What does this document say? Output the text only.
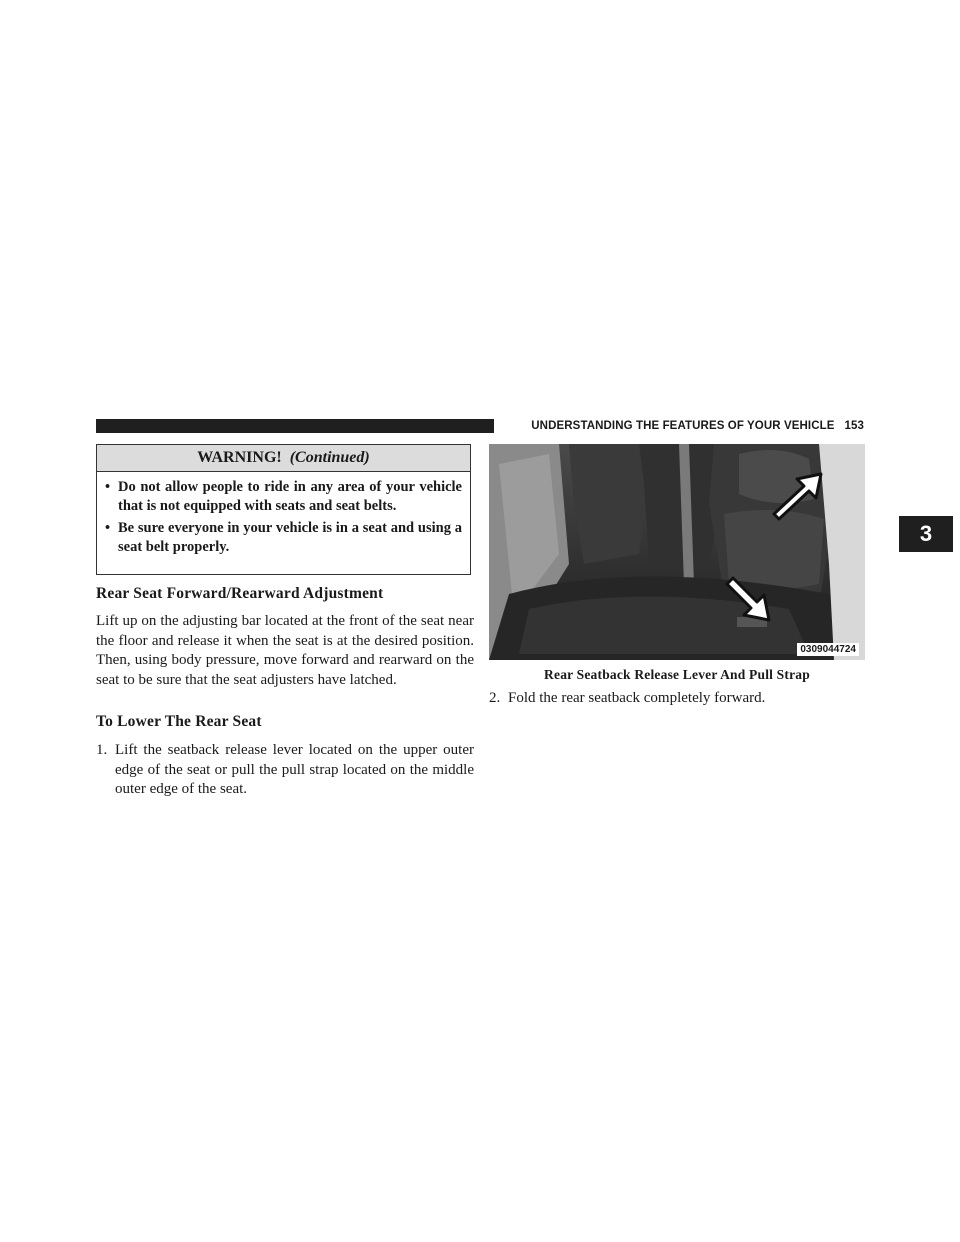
UNDERSTANDING THE FEATURES OF YOUR VEHICLE 153
3
WARNING! (Continued)
• Do not allow people to ride in any area of your vehicle that is not equipped with seats and seat belts.
• Be sure everyone in your vehicle is in a seat and using a seat belt properly.
Rear Seat Forward/Rearward Adjustment

Lift up on the adjusting bar located at the front of the seat near the floor and release it when the seat is at the desired position. Then, using body pressure, move forward and rearward on the seat to be sure that the seat adjusters have latched.

To Lower The Rear Seat
1. Lift the seatback release lever located on the upper outer edge of the seat or pull the pull strap located on the middle outer edge of the seat.
0309044724
Rear Seatback Release Lever And Pull Strap
2. Fold the rear seatback completely forward.
